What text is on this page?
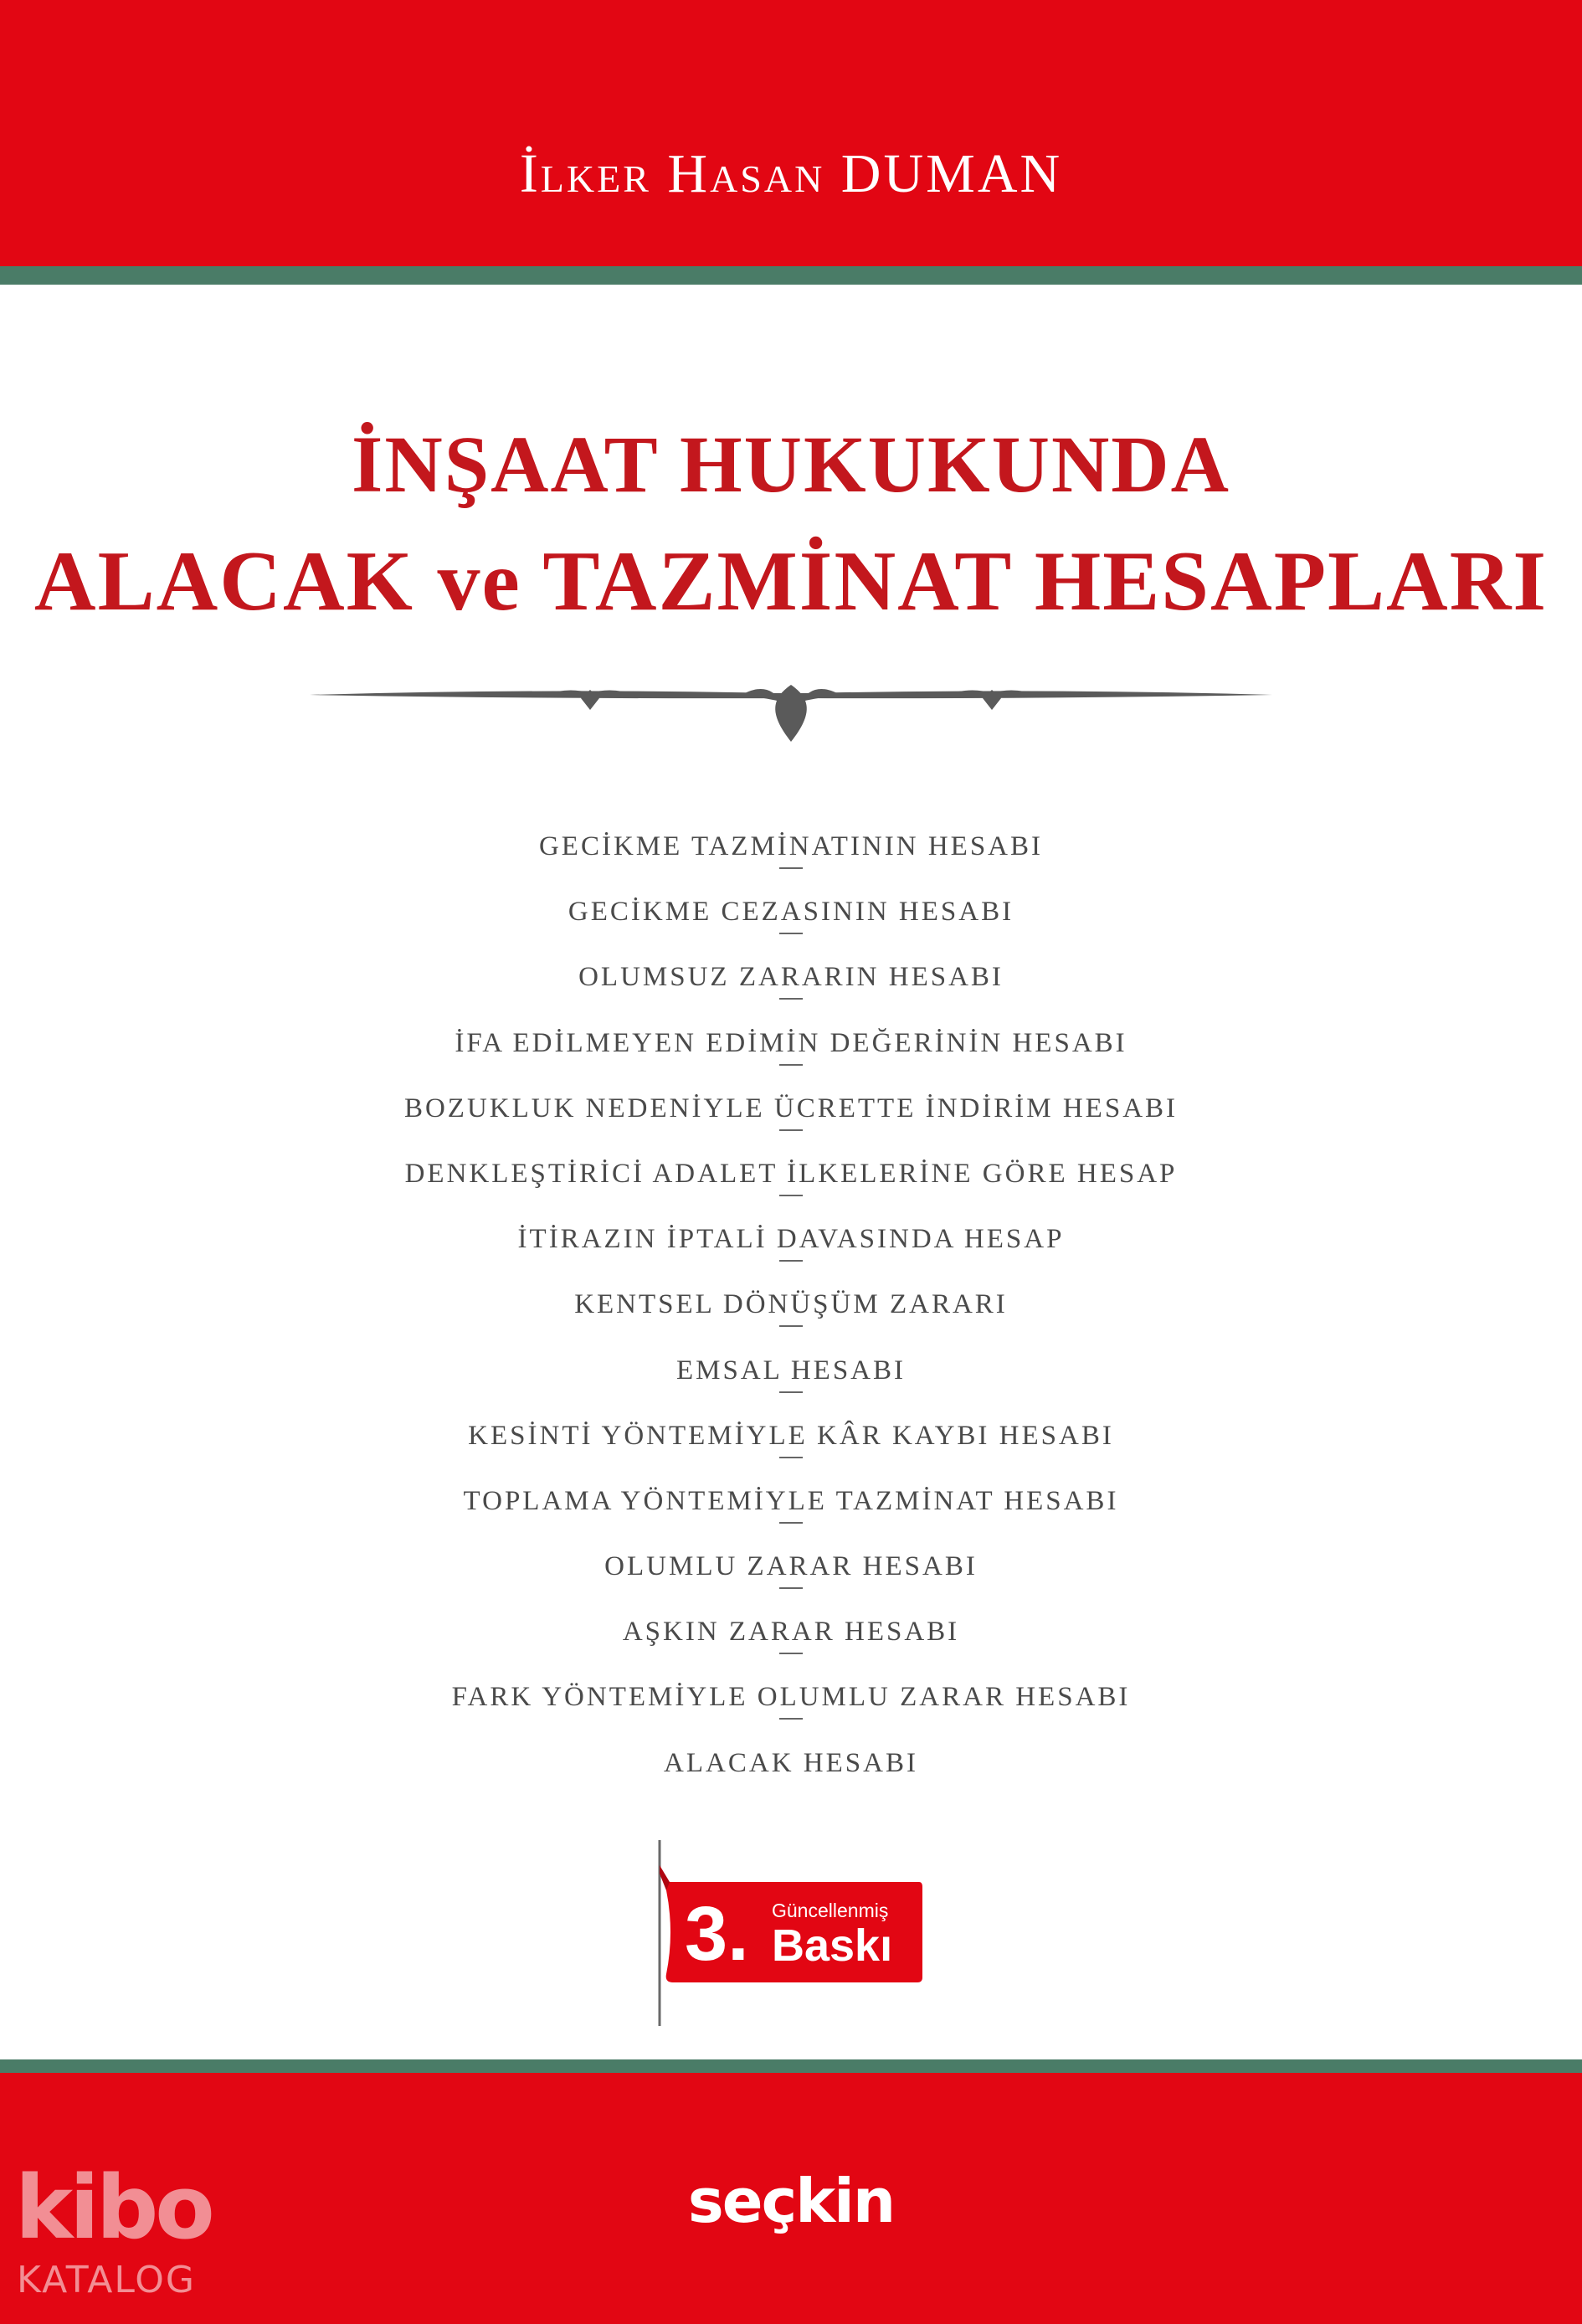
İlker Hasan DUMAN
İNŞAAT HUKUKUNDA
ALACAK ve TAZMİNAT HESAPLARI
GECİKME TAZMİNATININ HESABI
GECİKME CEZASININ HESABI
OLUMSUZ ZARARIN HESABI
İFA EDİLMEYEN EDİMİN DEĞERİNİN HESABI
BOZUKLUK NEDENİYLE ÜCRETTE İNDİRİM HESABI
DENKLEŞTİRİCİ ADALET İLKELERİNE GÖRE HESAP
İTİRAZIN İPTALİ DAVASINDA HESAP
KENTSEL DÖNÜŞÜM ZARARI
EMSAL HESABI
KESİNTİ YÖNTEMİYLE KÂR KAYBI HESABI
TOPLAMA YÖNTEMİYLE TAZMİNAT HESABI
OLUMLU ZARAR HESABI
AŞKIN ZARAR HESABI
FARK YÖNTEMİYLE OLUMLU ZARAR HESABI
ALACAK HESABI
3. Güncellenmiş
Baskı
seçkin
kibo
KATALOG
